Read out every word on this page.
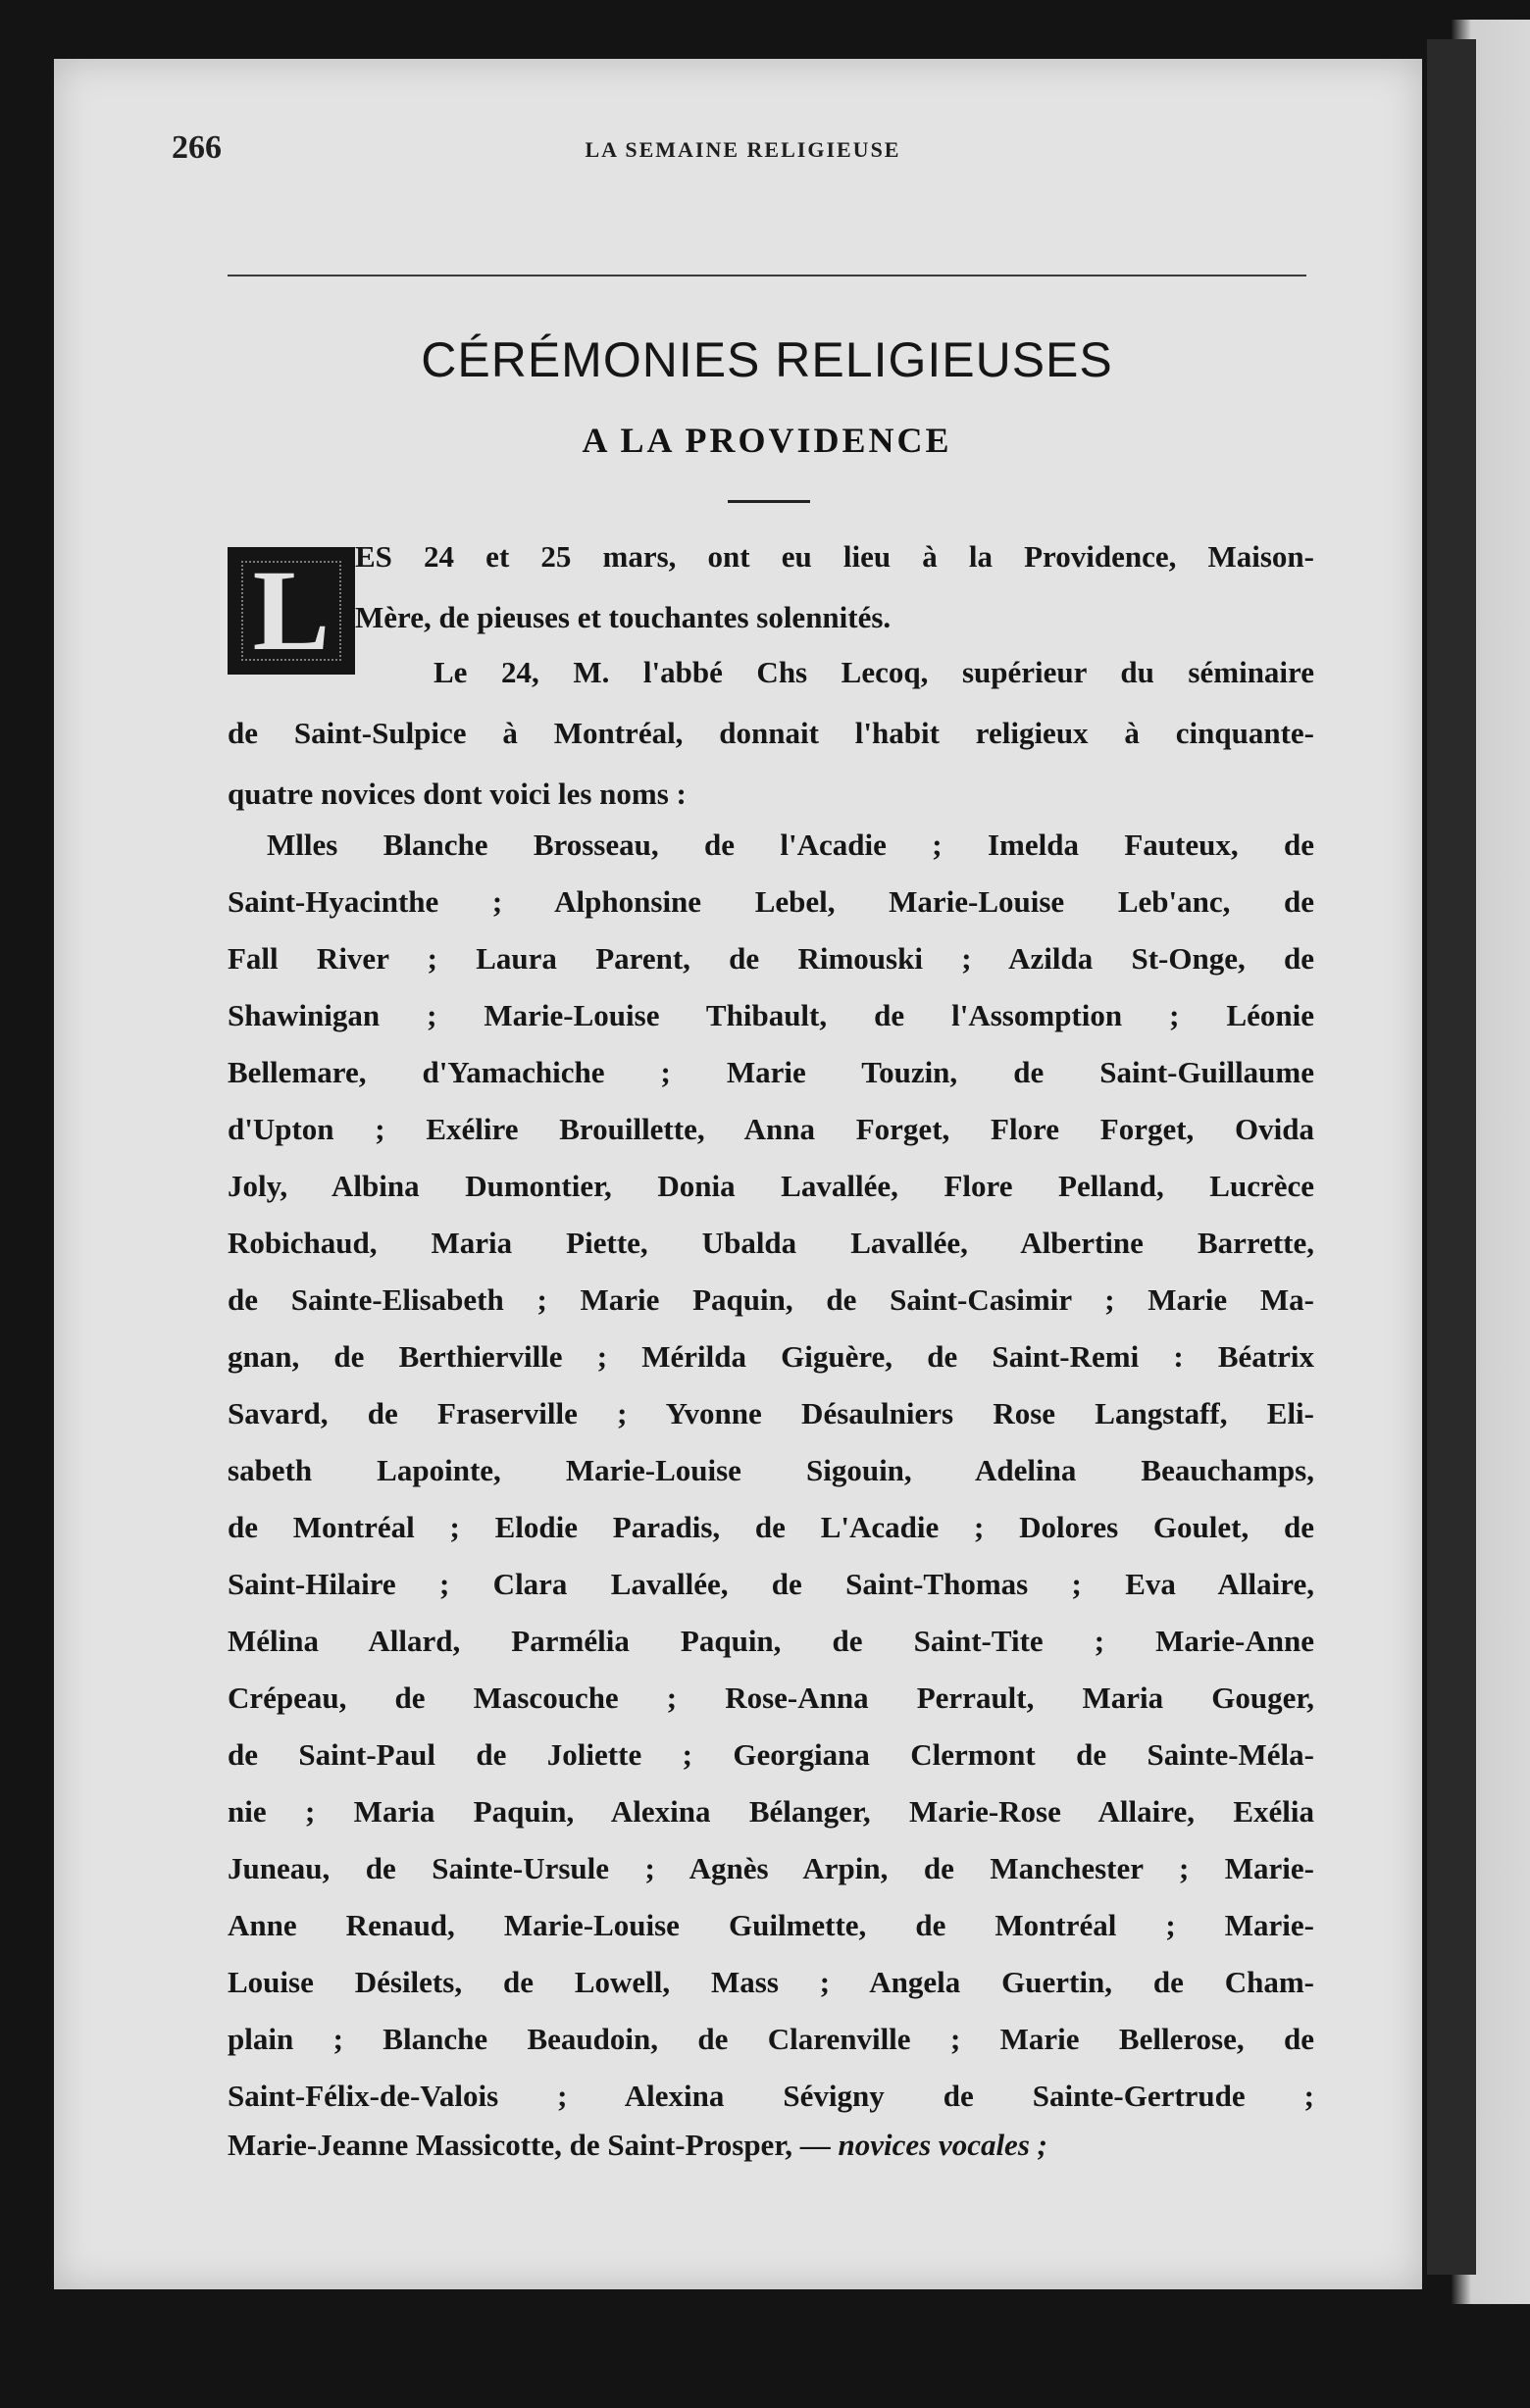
266	LA SEMAINE RELIGIEUSE
CÉRÉMONIES RELIGIEUSES
A LA PROVIDENCE
L ES 24 et 25 mars, ont eu lieu à la Providence, Maison-
Mère, de pieuses et touchantes solennités.
Le 24, M. l'abbé Chs Lecoq, supérieur du séminaire
de Saint-Sulpice à Montréal, donnait l'habit religieux à cinquante-
quatre novices dont voici les noms :
Mlles Blanche Brosseau, de l'Acadie ; Imelda Fauteux, de
Saint-Hyacinthe ; Alphonsine Lebel, Marie-Louise Leb'anc, de
Fall River ; Laura Parent, de Rimouski ; Azilda St-Onge, de
Shawinigan ; Marie-Louise Thibault, de l'Assomption ; Léonie
Bellemare, d'Yamachiche ; Marie Touzin, de Saint-Guillaume
d'Upton ; Exélire Brouillette, Anna Forget, Flore Forget, Ovida
Joly, Albina Dumontier, Donia Lavallée, Flore Pelland, Lucrèce
Robichaud, Maria Piette, Ubalda Lavallée, Albertine Barrette,
de Sainte-Elisabeth ; Marie Paquin, de Saint-Casimir ; Marie Ma-
gnan, de Berthierville ; Mérilda Giguère, de Saint-Remi : Béatrix
Savard, de Fraserville ; Yvonne Désaulniers Rose Langstaff, Eli-
sabeth Lapointe, Marie-Louise Sigouin, Adelina Beauchamps,
de Montréal ; Elodie Paradis, de L'Acadie ; Dolores Goulet, de
Saint-Hilaire ; Clara Lavallée, de Saint-Thomas ; Eva Allaire,
Mélina Allard, Parmélia Paquin, de Saint-Tite ; Marie-Anne
Crépeau, de Mascouche ; Rose-Anna Perrault, Maria Gouger,
de Saint-Paul de Joliette ; Georgiana Clermont de Sainte-Méla-
nie ; Maria Paquin, Alexina Bélanger, Marie-Rose Allaire, Exélia
Juneau, de Sainte-Ursule ; Agnès Arpin, de Manchester ; Marie-
Anne Renaud, Marie-Louise Guilmette, de Montréal ; Marie-
Louise Désilets, de Lowell, Mass ; Angela Guertin, de Cham-
plain ; Blanche Beaudoin, de Clarenville ; Marie Bellerose, de
Saint-Félix-de-Valois ; Alexina Sévigny de Sainte-Gertrude ;
Marie-Jeanne Massicotte, de Saint-Prosper, — novices vocales ;
